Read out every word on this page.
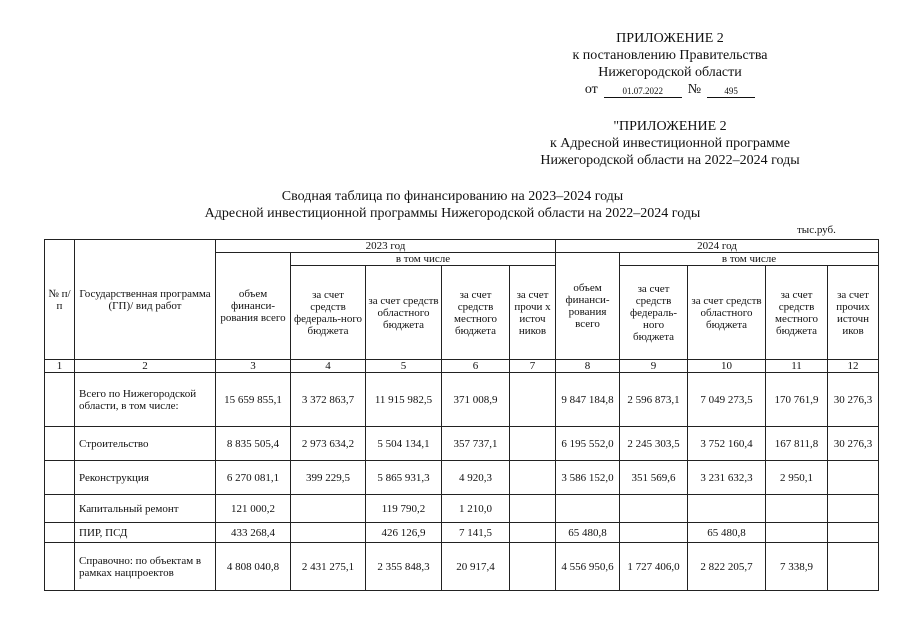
ПРИЛОЖЕНИЕ 2
к постановлению Правительства
Нижегородской области
от	01.07.2022	№	495
"ПРИЛОЖЕНИЕ 2
к Адресной инвестиционной программе
Нижегородской области на 2022–2024 годы
Сводная таблица по финансированию на 2023–2024 годы
Адресной инвестиционной программы Нижегородской области на 2022–2024 годы
тыс.руб.
№ п/ п	Государственная программа (ГП)/ вид работ	2023 год					2024 год				
		объем финанси-рования всего	в том числе				объем финанси-рования всего	в том числе			
			за счет средств федераль-ного бюджета	за счет средств областного бюджета	за счет средств местного бюджета	за счет прочи х источ ников		за счет средств федераль-ного бюджета	за счет средств областного бюджета	за счет средств местного бюджета	за счет прочих источн иков
1	2	3	4	5	6	7	8	9	10	11	12
	Всего по Нижегородской области, в том числе:	15 659 855,1	3 372 863,7	11 915 982,5	371 008,9		9 847 184,8	2 596 873,1	7 049 273,5	170 761,9	30 276,3
	Строительство	8 835 505,4	2 973 634,2	5 504 134,1	357 737,1		6 195 552,0	2 245 303,5	3 752 160,4	167 811,8	30 276,3
	Реконструкция	6 270 081,1	399 229,5	5 865 931,3	4 920,3		3 586 152,0	351 569,6	3 231 632,3	2 950,1	
	Капитальный ремонт	121 000,2		119 790,2	1 210,0						
	ПИР, ПСД	433 268,4		426 126,9	7 141,5		65 480,8		65 480,8		
	Справочно: по объектам в рамках нацпроектов	4 808 040,8	2 431 275,1	2 355 848,3	20 917,4		4 556 950,6	1 727 406,0	2 822 205,7	7 338,9	
